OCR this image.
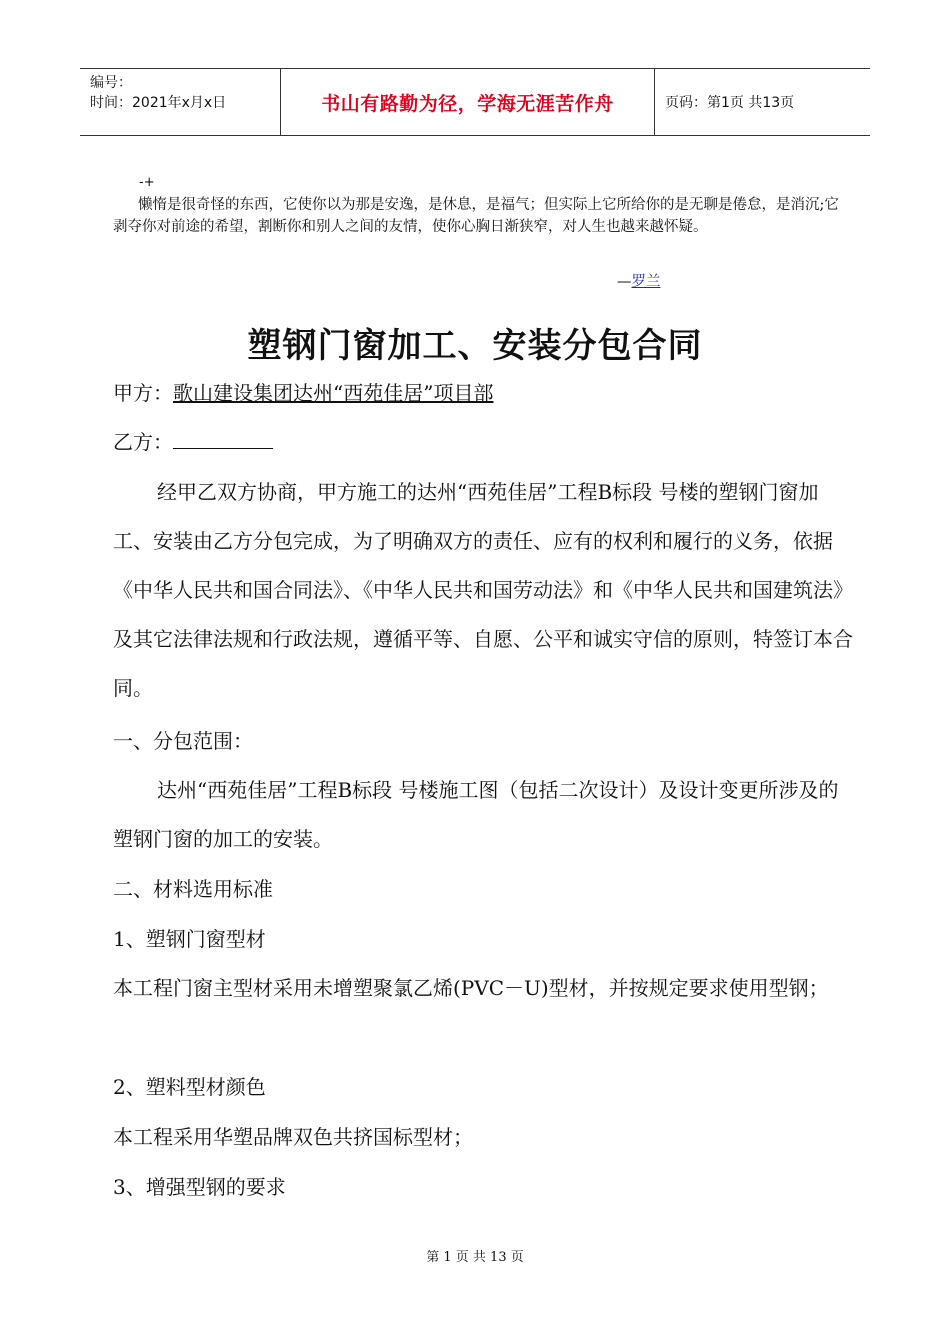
编号：
时间：2021年x月x日	书山有路勤为径，学海无涯苦作舟	页码：第1页 共13页
-+
懒惰是很奇怪的东西，它使你以为那是安逸，是休息，是福气；但实际上它所给你的是无聊是倦怠，是消沉;它剥夺你对前途的希望，割断你和别人之间的友情，使你心胸日渐狭窄，对人生也越来越怀疑。
—罗兰
塑钢门窗加工、安装分包合同
甲方：歌山建设集团达州“西苑佳居”项目部
乙方：
经甲乙双方协商，甲方施工的达州“西苑佳居”工程B标段 号楼的塑钢门窗加工、安装由乙方分包完成，为了明确双方的责任、应有的权利和履行的义务，依据《中华人民共和国合同法》、《中华人民共和国劳动法》和《中华人民共和国建筑法》及其它法律法规和行政法规，遵循平等、自愿、公平和诚实守信的原则，特签订本合同。
一、分包范围：
达州“西苑佳居”工程B标段 号楼施工图（包括二次设计）及设计变更所涉及的塑钢门窗的加工的安装。
二、材料选用标准
1、塑钢门窗型材
本工程门窗主型材采用未增塑聚氯乙烯(PVC－U)型材，并按规定要求使用型钢；
2、塑料型材颜色
本工程采用华塑品牌双色共挤国标型材；
3、增强型钢的要求
第 1 页 共 13 页
